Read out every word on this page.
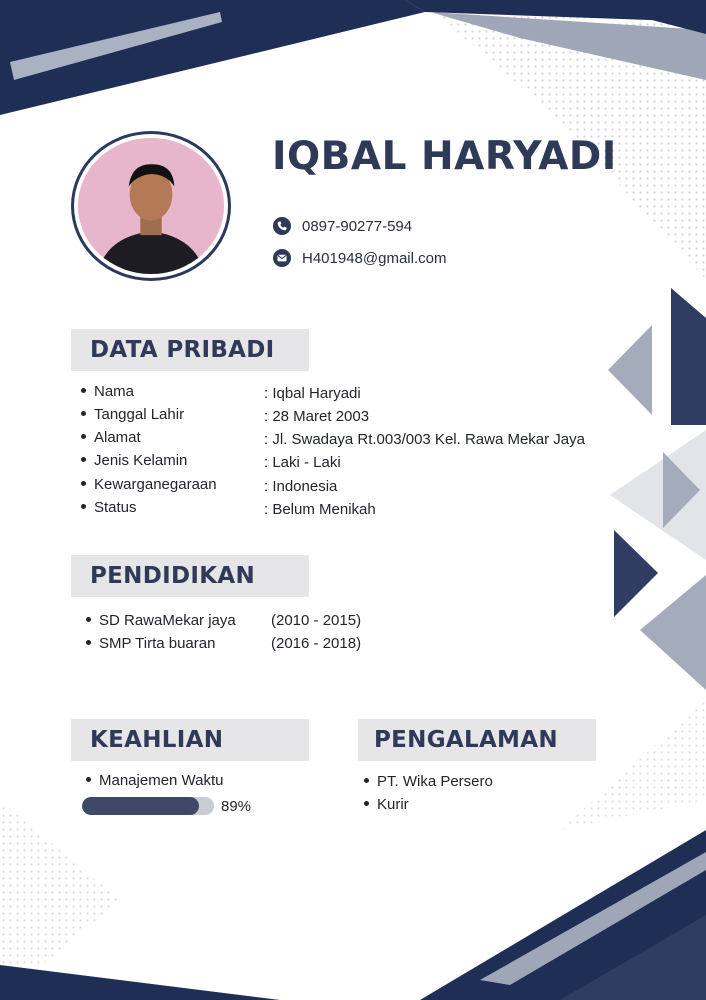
IQBAL HARYADI
0897-90277-594
H401948@gmail.com
DATA PRIBADI
Nama	: Iqbal Haryadi
Tanggal Lahir	: 28 Maret 2003
Alamat	: Jl. Swadaya Rt.003/003 Kel. Rawa Mekar Jaya
Jenis Kelamin	: Laki - Laki
Kewarganegaraan	: Indonesia
Status	: Belum Menikah
PENDIDIKAN
SD RawaMekar jaya (2010 - 2015)
SMP Tirta buaran	(2016 - 2018)
KEAHLIAN
Manajemen Waktu
89%
PENGALAMAN
PT. Wika Persero
Kurir
